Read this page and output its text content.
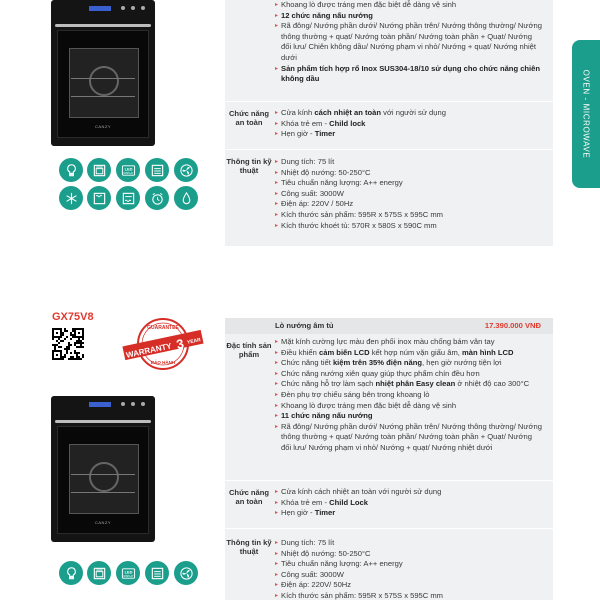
OVEN - MICROWAVE
CANZY
LED
DISPLAY
▸ Khoang lò được tráng men đặc biệt dễ dàng vệ sinh
▸ 12 chức năng nấu nướng
▸ Rã đông/ Nướng phần dưới/ Nướng phần trên/ Nướng thông thường/ Nướng
thông thường + quạt/ Nướng toàn phần/ Nướng toàn phần + Quạt/ Nướng
đối lưu/ Chiên không dầu/ Nướng phạm vi nhỏ/ Nướng + quạt/ Nướng nhiệt
dưới
▸ Sản phẩm tích hợp rổ Inox SUS304-18/10 sử dụng cho chức năng chiên
không dầu
Chức năng an toàn
▸ Cửa kính cách nhiệt an toàn với người sử dụng
▸ Khóa trẻ em - Child lock
▸ Hẹn giờ - Timer
Thông tin kỹ thuật
▸ Dung tích: 75 lít
▸ Nhiệt độ nướng: 50-250°C
▸ Tiêu chuẩn năng lượng: A++ energy
▸ Công suất: 3000W
▸ Điện áp: 220V / 50Hz
▸ Kích thước sản phẩm: 595R x 575S x 595C mm
▸ Kích thước khoét tủ: 570R x 580S x 590C mm
GX75V8
GUARANTEE
WARRANTY 3 YEAR
BẢO HÀNH
CANZY
LED
DISPLAY
Lò nướng âm tủ	17.390.000 VNĐ
Đặc tính sản phẩm
▸ Mặt kính cường lực màu đen phối inox màu chống bám vân tay
▸ Điều khiển cảm biến LCD kết hợp núm vặn giấu âm, màn hình LCD
▸ Chức năng tiết kiệm trên 35% điện năng, hẹn giờ nướng tiện lợi
▸ Chức năng nướng xiên quay giúp thực phẩm chín đều hơn
▸ Chức năng hỗ trợ làm sạch nhiệt phân Easy clean ở nhiệt độ cao 300°C
▸ Đèn phụ trợ chiếu sáng bên trong khoang lò
▸ Khoang lò được tráng men đặc biệt dễ dàng vệ sinh
▸ 11 chức năng nấu nướng
▸ Rã đông/ Nướng phần dưới/ Nướng phần trên/ Nướng thông thường/ Nướng
thông thường + quạt/ Nướng toàn phần/ Nướng toàn phần + Quạt/ Nướng
đối lưu/ Nướng phạm vi nhỏ/ Nướng + quạt/ Nướng nhiệt dưới
Chức năng an toàn
▸ Cửa kính cách nhiệt an toàn với người sử dụng
▸ Khóa trẻ em - Child Lock
▸ Hẹn giờ - Timer
Thông tin kỹ thuật
▸ Dung tích: 75 lít
▸ Nhiệt độ nướng: 50-250°C
▸ Tiêu chuẩn năng lượng: A++ energy
▸ Công suất: 3000W
▸ Điện áp: 220V/ 50Hz
▸ Kích thước sản phẩm: 595R x 575S x 595C mm
